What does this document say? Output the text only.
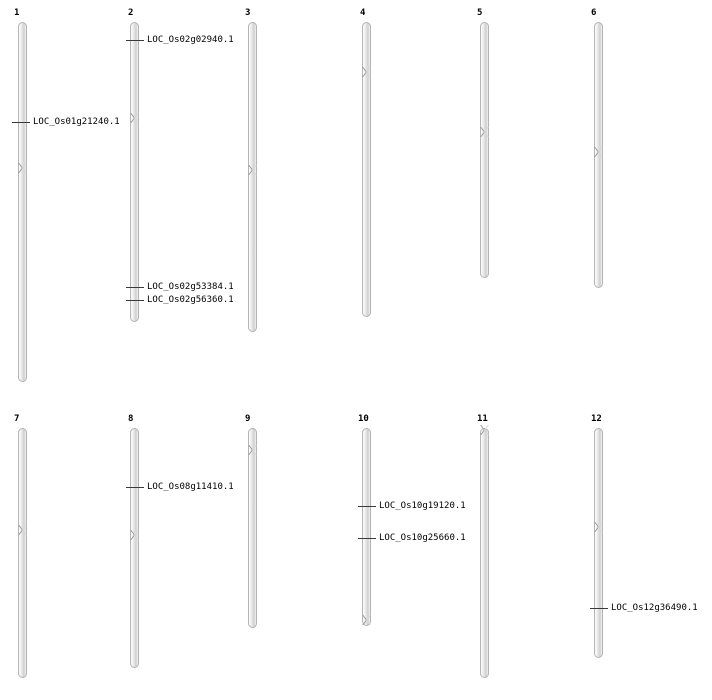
1
LOC_Os01g21240.1
2
LOC_Os02g02940.1
LOC_Os02g53384.1
LOC_Os02g56360.1
3	4	5	6
7	8
LOC_Os08g11410.1
9	10
LOC_Os10g19120.1
LOC_Os10g25660.1
11	12
LOC_Os12g36490.1
